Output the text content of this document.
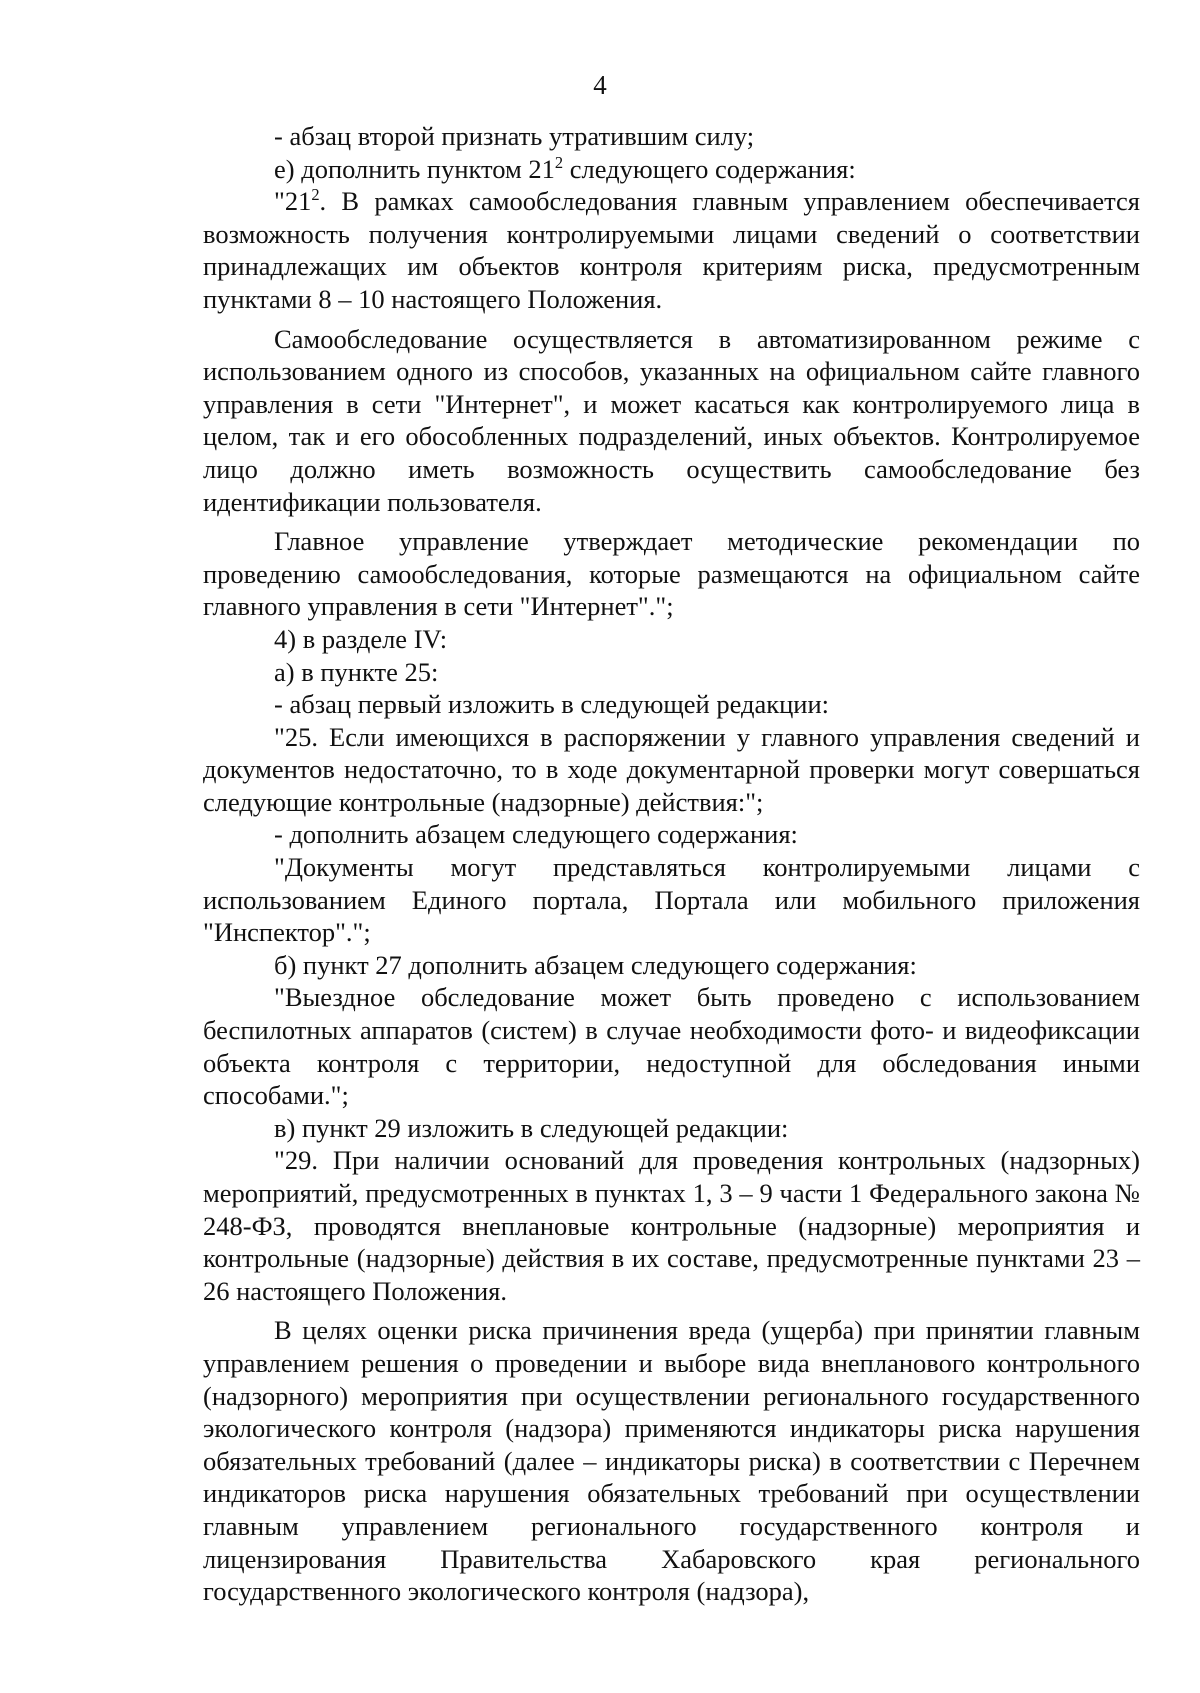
4

- абзац второй признать утратившим силу;

е) дополнить пунктом $21^2$ следующего содержания:

"$21^2$. В рамках самообследования главным управлением обеспечивается возможность получения контролируемыми лицами сведений о соответствии принадлежащих им объектов контроля критериям риска, предусмотренным пунктами 8 – 10 настоящего Положения.

Самообследование осуществляется в автоматизированном режиме с использованием одного из способов, указанных на официальном сайте главного управления в сети "Интернет", и может касаться как контролируемого лица в целом, так и его обособленных подразделений, иных объектов. Контролируемое лицо должно иметь возможность осуществить самообследование без идентификации пользователя.

Главное управление утверждает методические рекомендации по проведению самообследования, которые размещаются на официальном сайте главного управления в сети "Интернет".";

4) в разделе IV:

а) в пункте 25:

- абзац первый изложить в следующей редакции:

"25. Если имеющихся в распоряжении у главного управления сведений и документов недостаточно, то в ходе документарной проверки могут совершаться следующие контрольные (надзорные) действия:";

- дополнить абзацем следующего содержания:

"Документы могут представляться контролируемыми лицами с использованием Единого портала, Портала или мобильного приложения "Инспектор".";

б) пункт 27 дополнить абзацем следующего содержания:

"Выездное обследование может быть проведено с использованием беспилотных аппаратов (систем) в случае необходимости фото- и видеофиксации объекта контроля с территории, недоступной для обследования иными способами.";

в) пункт 29 изложить в следующей редакции:

"29. При наличии оснований для проведения контрольных (надзорных) мероприятий, предусмотренных в пунктах 1, 3 – 9 части 1 Федерального закона № 248-ФЗ, проводятся внеплановые контрольные (надзорные) мероприятия и контрольные (надзорные) действия в их составе, предусмотренные пунктами 23 – 26 настоящего Положения.

В целях оценки риска причинения вреда (ущерба) при принятии главным управлением решения о проведении и выборе вида внепланового контрольного (надзорного) мероприятия при осуществлении регионального государственного экологического контроля (надзора) применяются индикаторы риска нарушения обязательных требований (далее – индикаторы риска) в соответствии с Перечнем индикаторов риска нарушения обязательных требований при осуществлении главным управлением регионального государственного контроля и лицензирования Правительства Хабаровского края регионального государственного экологического контроля (надзора),
